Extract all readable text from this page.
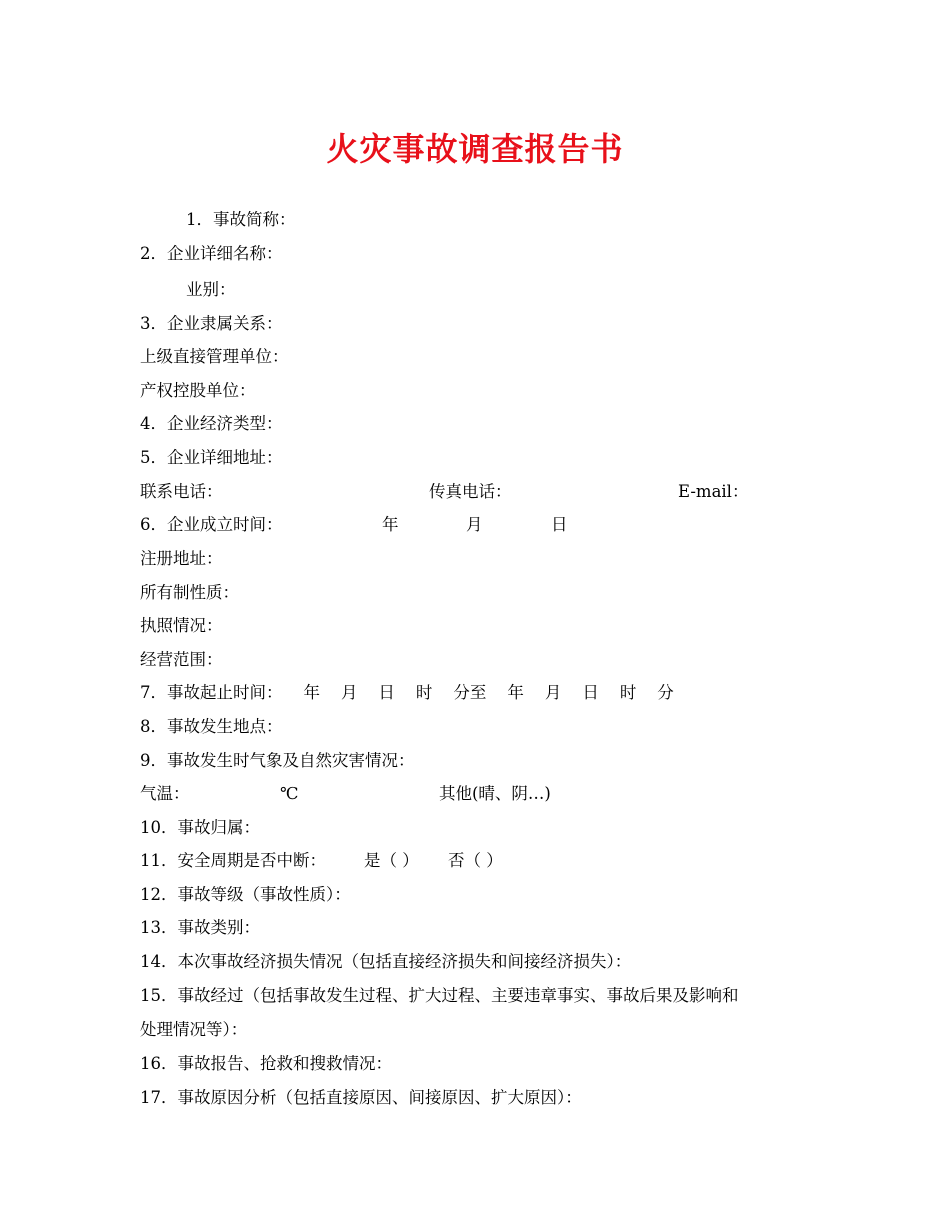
火灾事故调查报告书
1．事故简称：
2．企业详细名称：
业别：
3．企业隶属关系：
上级直接管理单位：
产权控股单位：
4．企业经济类型：
5．企业详细地址：
联系电话：	传真电话：	E-mail：
6．企业成立时间：	年	月	日
注册地址：
所有制性质：
执照情况：
经营范围：
7．事故起止时间：    年    月    日    时    分至    年    月    日    时    分
8．事故发生地点：
9．事故发生时气象及自然灾害情况：
气温：	℃	其他(晴、阴…)
10．事故归属：
11．安全周期是否中断： 是（ ） 否（ ）
12．事故等级（事故性质）：
13．事故类别：
14．本次事故经济损失情况（包括直接经济损失和间接经济损失）：
15．事故经过（包括事故发生过程、扩大过程、主要违章事实、事故后果及影响和
处理情况等）：
16．事故报告、抢救和搜救情况：
17．事故原因分析（包括直接原因、间接原因、扩大原因）：
